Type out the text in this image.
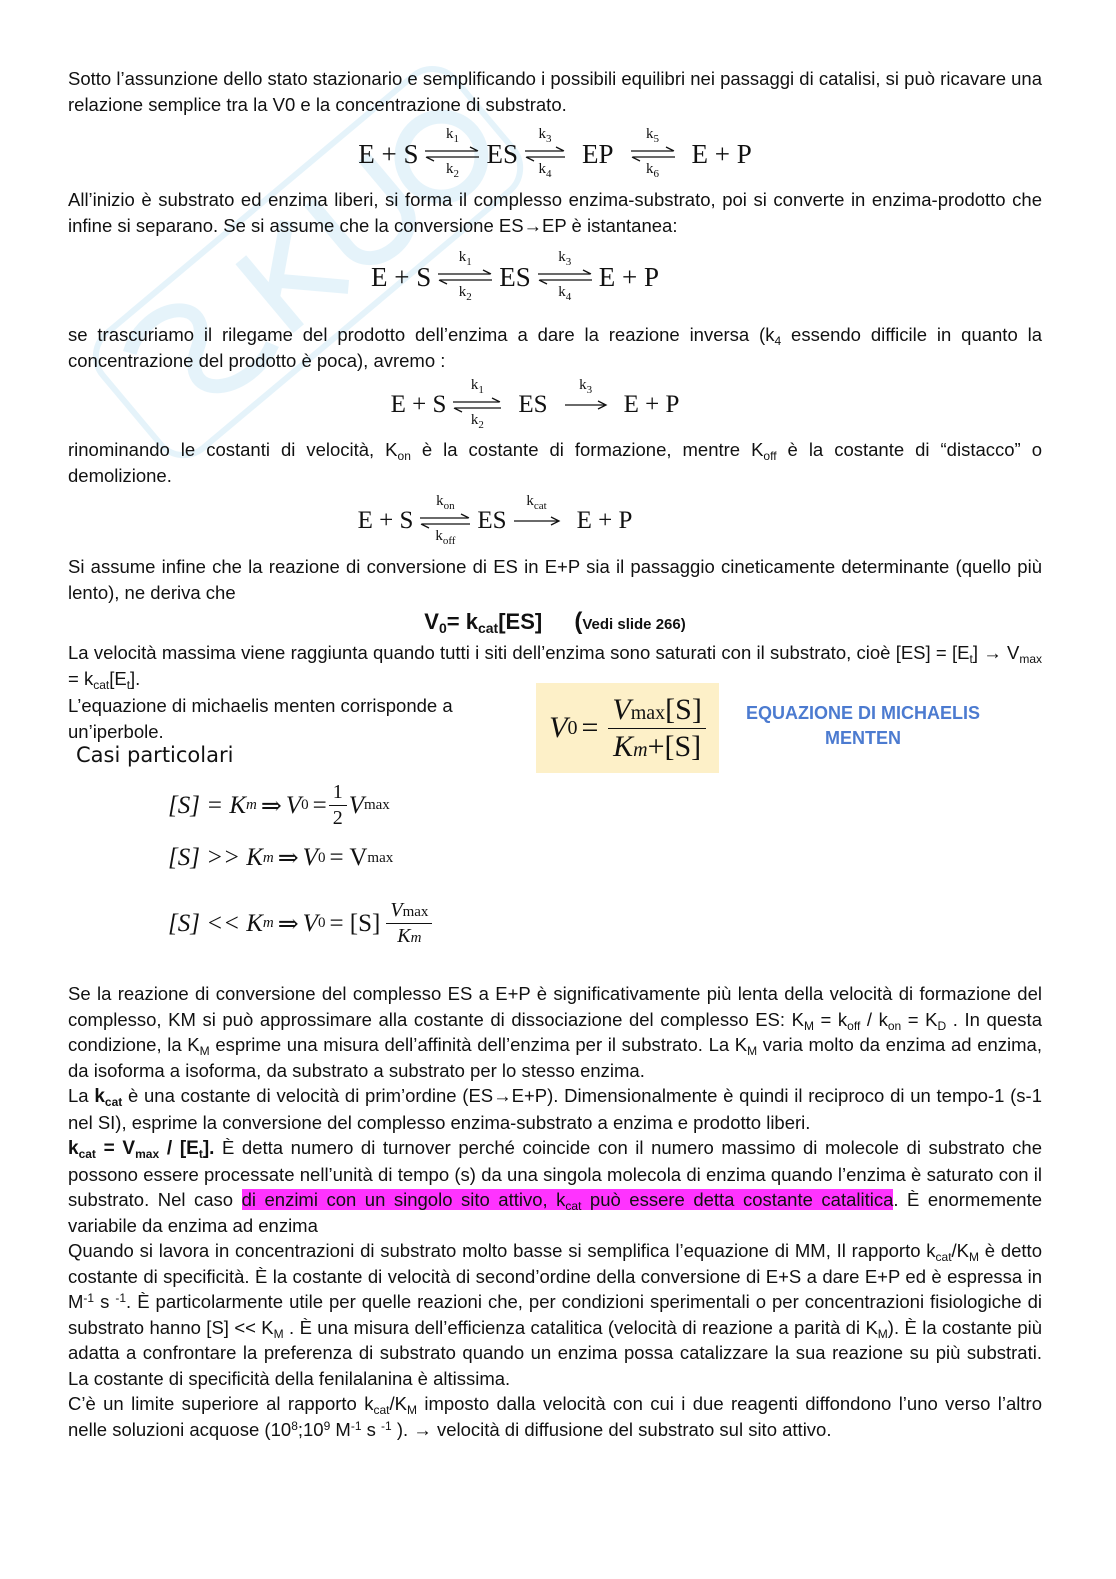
Sotto l’assunzione dello stato stazionario e semplificando i possibili equilibri nei passaggi di catalisi, si può ricavare una relazione semplice tra la V0 e la concentrazione di substrato.

E + S
$k_1$
$k_2$
ES
$k_3$
$k_4$
EP
$k_5$
$k_6$
E + P

All’inizio è substrato ed enzima liberi, si forma il complesso enzima-substrato, poi si converte in enzima-prodotto che infine si separano. Se si assume che la conversione ES→EP è istantanea:

E + S
$k_1$
$k_2$
ES
$k_3$
$k_4$
E + P

se trascuriamo il rilegame del prodotto dell’enzima a dare la reazione inversa ($k_4$ essendo difficile in quanto la concentrazione del prodotto è poca), avremo :

E + S
$k_1$
$k_2$
ES
$k_3$
E + P

rinominando le costanti di velocità, $K_{on}$ è la costante di formazione, mentre $K_{off}$ è la costante di “distacco” o demolizione.

E + S
$k_{on}$
$k_{off}$
ES
$k_{cat}$
E + P

Si assume infine che la reazione di conversione di ES in E+P sia il passaggio cineticamente determinante (quello più lento), ne deriva che

V0= kcat[ES] (Vedi slide 266)

La velocità massima viene raggiunta quando tutti i siti dell’enzima sono saturati con il substrato, cioè $[ES] = [E_t] \to V_{max} = k_{cat}[E_t]$.

L’equazione di michaelis menten corrisponde a un’iperbole.	V $0 = \frac{Vmax[S]}{Km+[S]}$	EQUAZIONE DI MICHAELIS MENTEN
Casi particolari
[S] = K m ⇒ V $0 = \frac{1}{2}$ V max
[S] >> K m ⇒ V 0 = V max
[S] << K m ⇒ V $0 = [S] \frac{Vmax}{Km}$

Se la reazione di conversione del complesso ES a E+P è significativamente più lenta della velocità di formazione del complesso, KM si può approssimare alla costante di dissociazione del complesso ES: $K_M = k_{off} / k_{on} = K_D$ . In questa condizione, la $K_M$ esprime una misura dell’affinità dell’enzima per il substrato. La $K_M$ varia molto da enzima ad enzima, da isoforma a isoforma, da substrato a substrato per lo stesso enzima.

La $k_{cat}$ è una costante di velocità di prim’ordine (ES→E+P). Dimensionalmente è quindi il reciproco di un tempo-1 (s-1 nel SI), esprime la conversione del complesso enzima-substrato a enzima e prodotto liberi.

$k_{cat} = V_{max} / [E_t]$. È detta numero di turnover perché coincide con il numero massimo di molecole di substrato che possono essere processate nell’unità di tempo (s) da una singola molecola di enzima quando l’enzima è saturato con il substrato. Nel caso di enzimi con un singolo sito attivo, $k_{cat}$ può essere detta costante catalitica. È enormemente variabile da enzima ad enzima

Quando si lavora in concentrazioni di substrato molto basse si semplifica l’equazione di MM, Il rapporto $k_{cat}/K_M$ è detto costante di specificità. È la costante di velocità di second’ordine della conversione di E+S a dare E+P ed è espressa in $M^{-1}$ s $^{-1}$. È particolarmente utile per quelle reazioni che, per condizioni sperimentali o per concentrazioni fisiologiche di substrato hanno $[S] << K_M$ . È una misura dell’efficienza catalitica (velocità di reazione a parità di $K_M$). È la costante più adatta a confrontare la preferenza di substrato quando un enzima possa catalizzare la sua reazione su più substrati. La costante di specificità della fenilalanina è altissima.

C’è un limite superiore al rapporto $k_{cat}/K_M$ imposto dalla velocità con cui i due reagenti diffondono l’uno verso l’altro nelle soluzioni acquose ($10^8;10^9$ $M^{-1}$ s $^{-1}$ ). → velocità di diffusione del substrato sul sito attivo.
